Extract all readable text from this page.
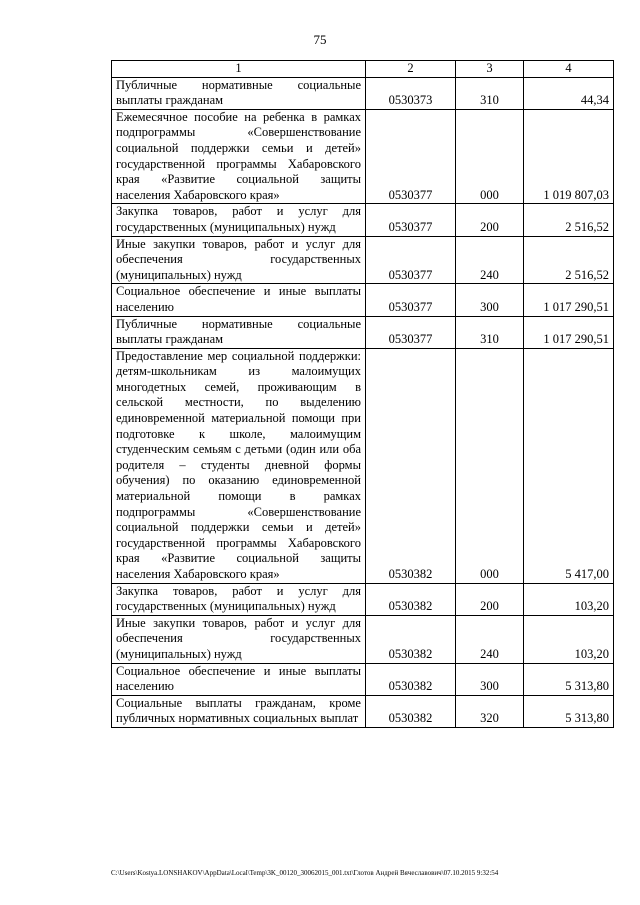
75
1	2	3	4
Публичные нормативные социальные выплаты гражданам	0530373	310	44,34
Ежемесячное пособие на ребенка в рамках подпрограммы «Совершенствование социальной поддержки семьи и детей» государственной программы Хабаровского края «Развитие социальной защиты населения Хабаровского края»	0530377	000	1 019 807,03
Закупка товаров, работ и услуг для государственных (муниципальных) нужд	0530377	200	2 516,52
Иные закупки товаров, работ и услуг для обеспечения государственных (муниципальных) нужд	0530377	240	2 516,52
Социальное обеспечение и иные выплаты населению	0530377	300	1 017 290,51
Публичные нормативные социальные выплаты гражданам	0530377	310	1 017 290,51
Предоставление мер социальной поддержки: детям-школьникам из малоимущих многодетных семей, проживающим в сельской местности, по выделению единовременной материальной помощи при подготовке к школе, малоимущим студенческим семьям с детьми (один или оба родителя – студенты дневной формы обучения) по оказанию единовременной материальной помощи в рамках подпрограммы «Совершенствование социальной поддержки семьи и детей» государственной программы Хабаровского края «Развитие социальной защиты населения Хабаровского края»	0530382	000	5 417,00
Закупка товаров, работ и услуг для государственных (муниципальных) нужд	0530382	200	103,20
Иные закупки товаров, работ и услуг для обеспечения государственных (муниципальных) нужд	0530382	240	103,20
Социальное обеспечение и иные выплаты населению	0530382	300	5 313,80
Социальные выплаты гражданам, кроме публичных нормативных социальных выплат	0530382	320	5 313,80
C:\Users\Kostya.LONSHAKOV\AppData\Local\Temp\3K_00120_30062015_001.txt\Глотов Андрей Вячеславович\07.10.2015 9:32:54
